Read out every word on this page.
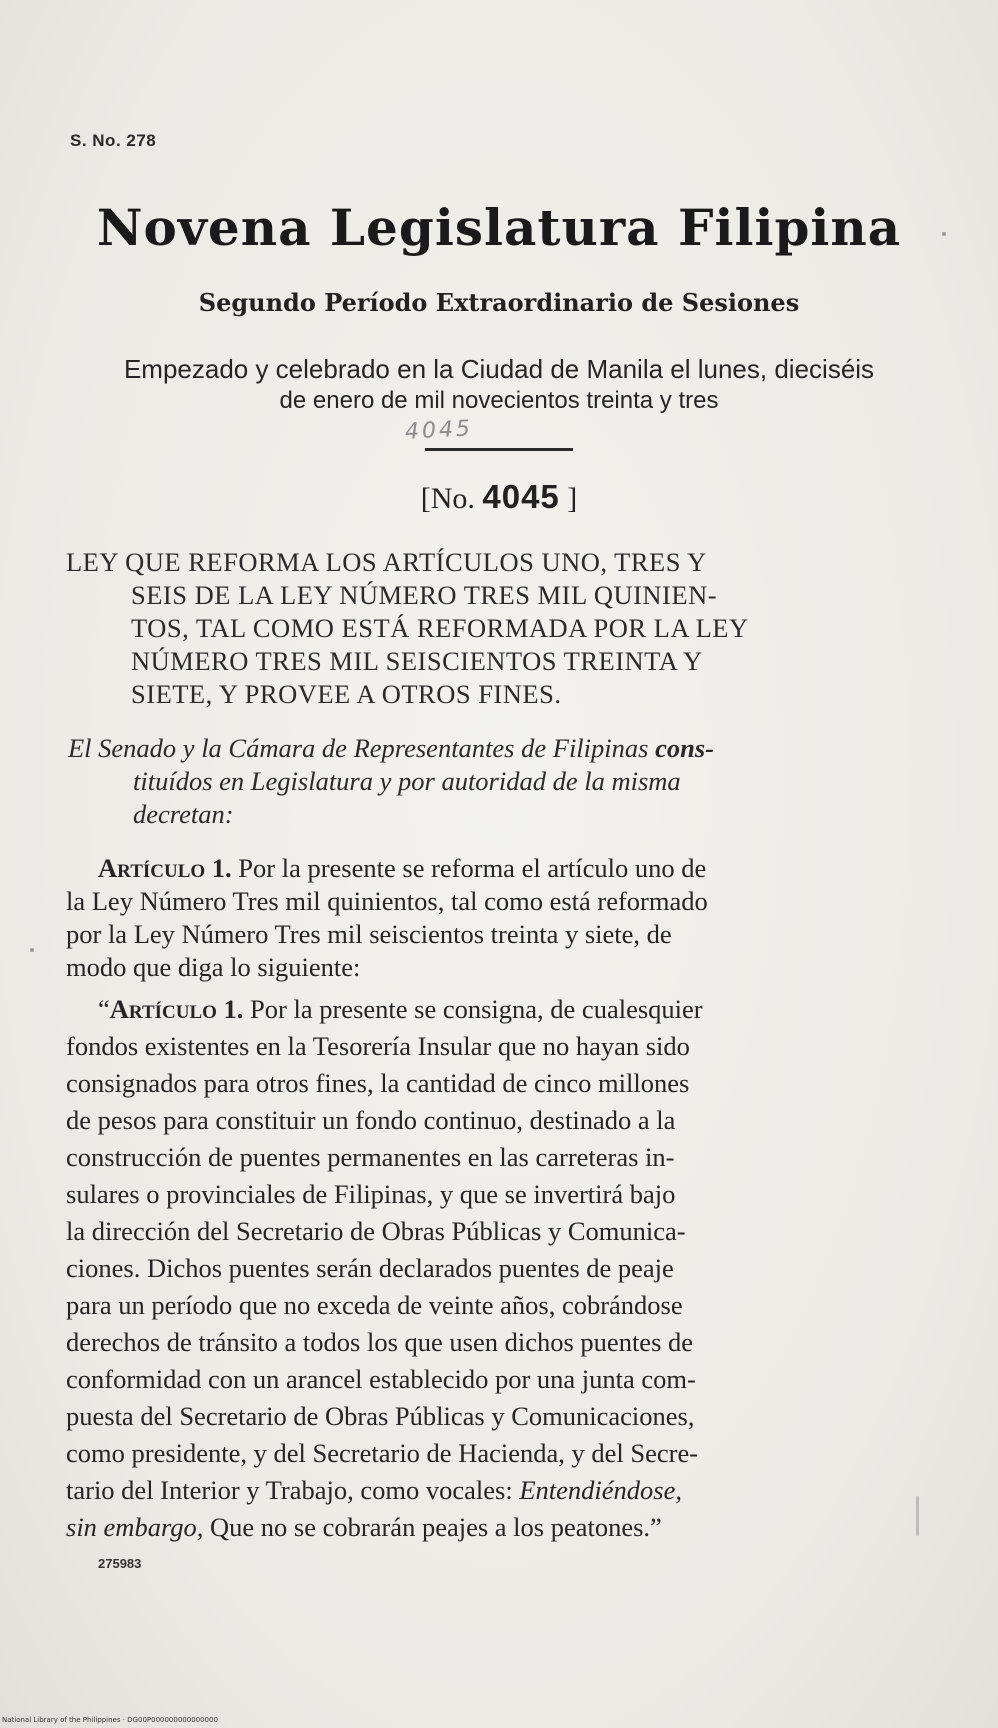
S. No. 278
Novena Legislatura Filipina
Segundo Período Extraordinario de Sesiones
Empezado y celebrado en la Ciudad de Manila el lunes, dieciséis
de enero de mil novecientos treinta y tres
4045
[No. 4045 ]
LEY QUE REFORMA LOS ARTÍCULOS UNO, TRES Y
SEIS DE LA LEY NÚMERO TRES MIL QUINIEN-
TOS, TAL COMO ESTÁ REFORMADA POR LA LEY
NÚMERO TRES MIL SEISCIENTOS TREINTA Y
SIETE, Y PROVEE A OTROS FINES.
El Senado y la Cámara de Representantes de Filipinas cons-
tituídos en Legislatura y por autoridad de la misma
decretan:
Artículo 1. Por la presente se reforma el artículo uno de
la Ley Número Tres mil quinientos, tal como está reformado
por la Ley Número Tres mil seiscientos treinta y siete, de
modo que diga lo siguiente:
“Artículo 1. Por la presente se consigna, de cualesquier
fondos existentes en la Tesorería Insular que no hayan sido
consignados para otros fines, la cantidad de cinco millones
de pesos para constituir un fondo continuo, destinado a la
construcción de puentes permanentes en las carreteras in-
sulares o provinciales de Filipinas, y que se invertirá bajo
la dirección del Secretario de Obras Públicas y Comunica-
ciones. Dichos puentes serán declarados puentes de peaje
para un período que no exceda de veinte años, cobrándose
derechos de tránsito a todos los que usen dichos puentes de
conformidad con un arancel establecido por una junta com-
puesta del Secretario de Obras Públicas y Comunicaciones,
como presidente, y del Secretario de Hacienda, y del Secre-
tario del Interior y Trabajo, como vocales: Entendiéndose,
sin embargo, Que no se cobrarán peajes a los peatones.”
275983
National Library of the Philippines · DG00P000000000000000
